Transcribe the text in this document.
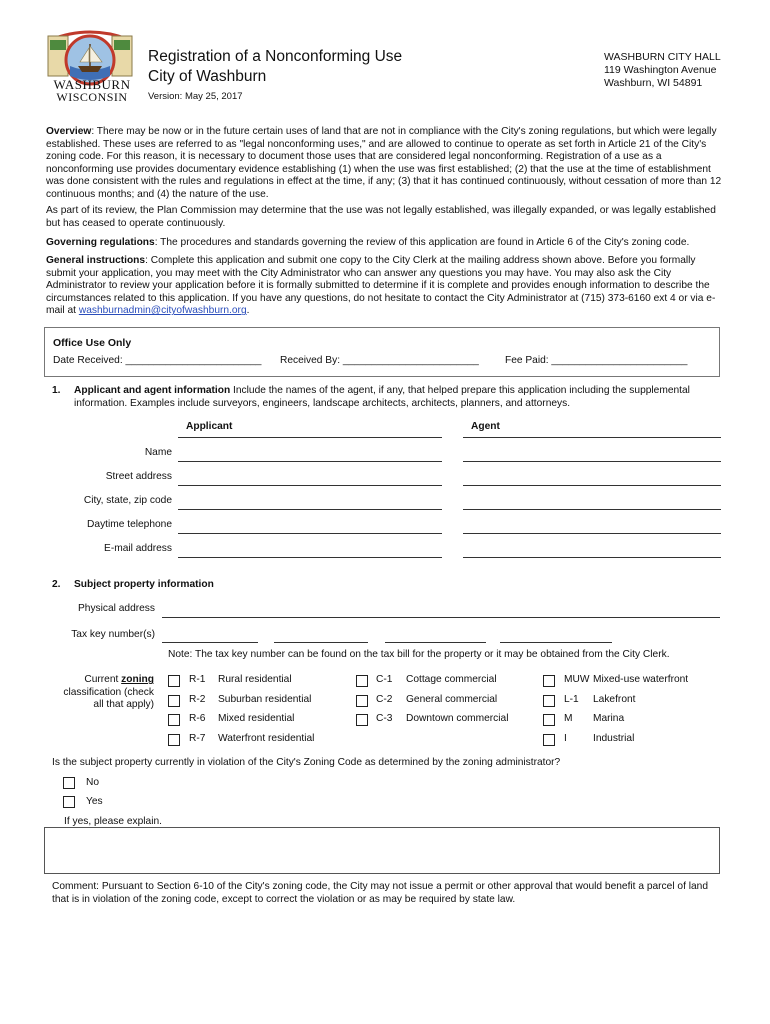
WASHBURN
WISCONSIN
Registration of a Nonconforming Use
City of Washburn
Version: May 25, 2017
WASHBURN CITY HALL
119 Washington Avenue
Washburn, WI 54891
Overview: There may be now or in the future certain uses of land that are not in compliance with the City's zoning regulations, but which were legally established. These uses are referred to as "legal nonconforming uses," and are allowed to continue to operate as set forth in Article 21 of the City's zoning code. For this reason, it is necessary to document those uses that are considered legal nonconforming. Registration of a use as a nonconforming use provides documentary evidence establishing (1) when the use was first established; (2) that the use at the time of establishment was done consistent with the rules and regulations in effect at the time, if any; (3) that it has continued continuously, without cessation of more than 12 continuous months; and (4) the nature of the use.
As part of its review, the Plan Commission may determine that the use was not legally established, was illegally expanded, or was legally established but has ceased to operate continuously.
Governing regulations: The procedures and standards governing the review of this application are found in Article 6 of the City's zoning code.
General instructions: Complete this application and submit one copy to the City Clerk at the mailing address shown above. Before you formally submit your application, you may meet with the City Administrator who can answer any questions you may have. You may also ask the City Administrator to review your application before it is formally submitted to determine if it is complete and provides enough information to describe the circumstances related to this application. If you have any questions, do not hesitate to contact the City Administrator at (715) 373-6160 ext 4 or via e-mail at washburnadmin@cityofwashburn.org.
Office Use Only
Date Received: ________________________ Received By: ________________________	Fee Paid: ________________________
1. Applicant and agent information Include the names of the agent, if any, that helped prepare this application including the supplemental information. Examples include surveyors, engineers, landscape architects, architects, planners, and attorneys.
Applicant	Agent
Name
Street address
City, state, zip code
Daytime telephone
E-mail address
2. Subject property information
Physical address
Tax key number(s)
Note: The tax key number can be found on the tax bill for the property or it may be obtained from the City Clerk.
Current zoning
classification (check
all that apply)
R-1 Rural residential
R-2 Suburban residential
R-6 Mixed residential
R-7 Waterfront residential
C-1 Cottage commercial
C-2 General commercial
C-3 Downtown commercial
MUW Mixed-use waterfront
L-1 Lakefront
M Marina
I	Industrial
Is the subject property currently in violation of the City's Zoning Code as determined by the zoning administrator?
No
Yes
If yes, please explain.
Comment: Pursuant to Section 6-10 of the City's zoning code, the City may not issue a permit or other approval that would benefit a parcel of land that is in violation of the zoning code, except to correct the violation or as may be required by state law.
